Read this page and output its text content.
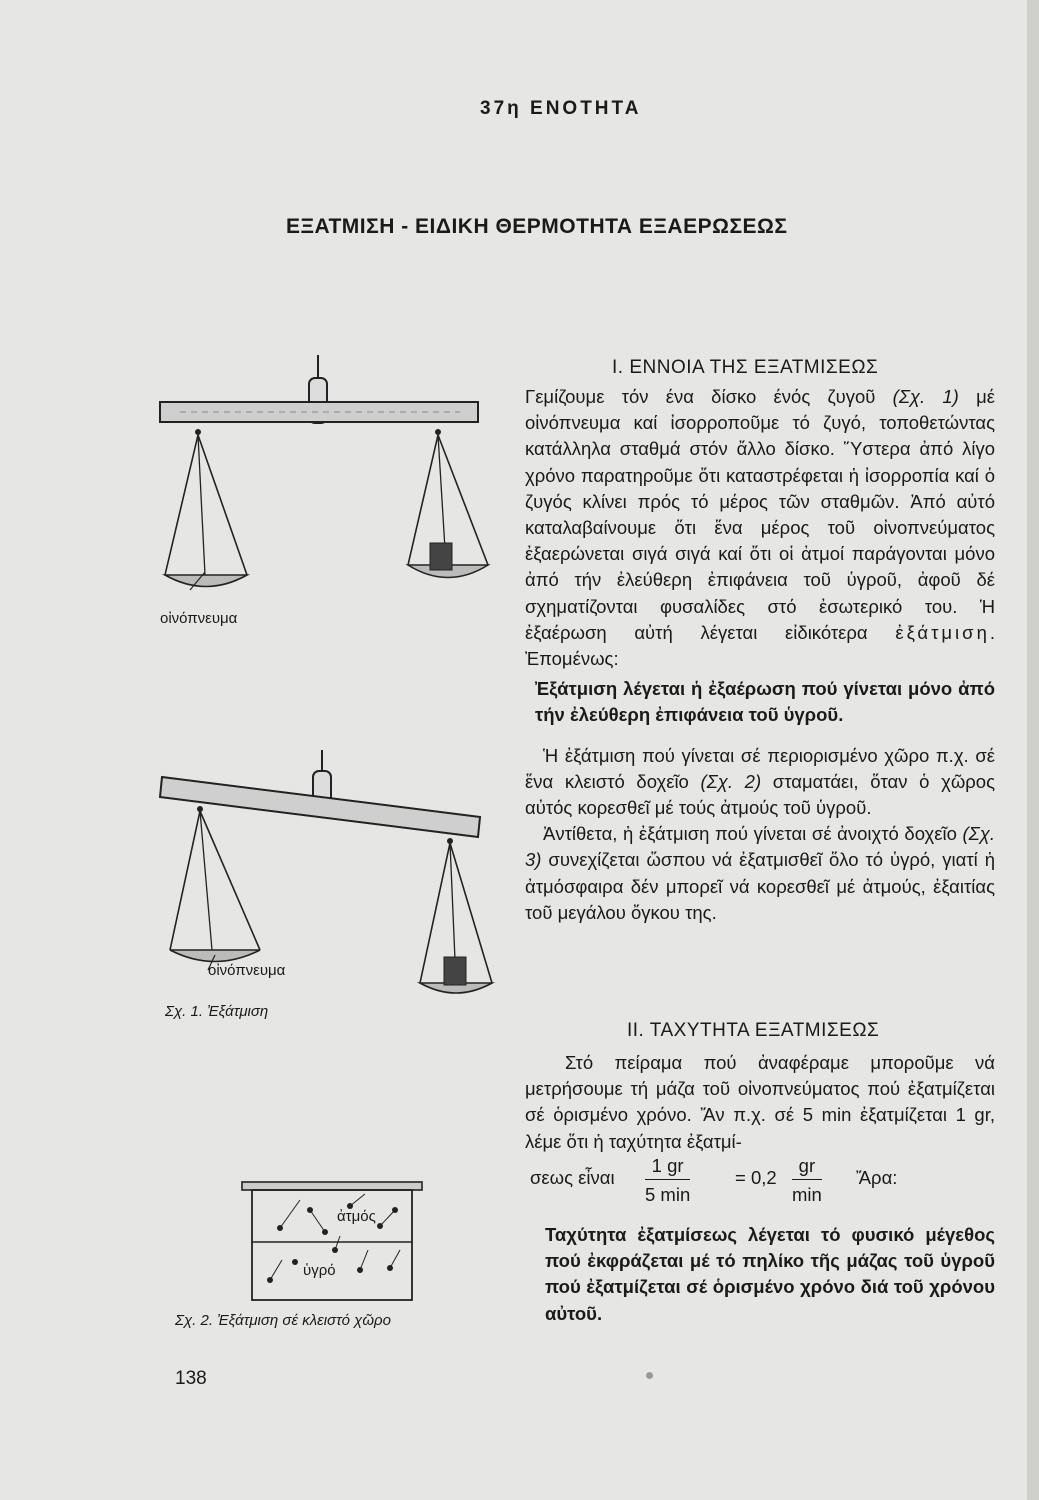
37η ΕΝΟΤΗΤΑ
ΕΞΑΤΜΙΣΗ - ΕΙΔΙΚΗ ΘΕΡΜΟΤΗΤΑ ΕΞΑΕΡΩΣΕΩΣ
οἰνόπνευμα
οἰνόπνευμα
Σχ. 1. Ἐξάτμιση
ἀτμός
ὑγρό
Σχ. 2. Ἐξάτμιση σέ κλειστό χῶρο
Ι. ΕΝΝΟΙΑ ΤΗΣ ΕΞΑΤΜΙΣΕΩΣ

Γεμίζουμε τόν ένα δίσκο ένός ζυγοῦ (Σχ. 1) μέ οἰνόπνευμα καί ἰσορροποῦμε τό ζυγό, τοποθετώντας κατάλληλα σταθμά στόν ἄλλο δίσκο. Ὕστερα ἀπό λίγο χρόνο παρατηροῦμε ὅτι καταστρέφεται ἡ ἰσορροπία καί ὁ ζυγός κλίνει πρός τό μέρος τῶν σταθμῶν. Ἀπό αὐτό καταλαβαίνουμε ὅτι ἕνα μέρος τοῦ οἰνοπνεύματος ἐξαερώνεται σιγά σιγά καί ὅτι οἱ ἀτμοί παράγονται μόνο ἀπό τήν ἐλεύθερη ἐπιφάνεια τοῦ ὑγροῦ, ἀφοῦ δέ σχηματίζονται φυσαλίδες στό ἐσωτερικό του. Ἡ ἐξαέρωση αὐτή λέγεται εἰδικότερα ἐξάτμιση. Ἐπομένως:

Ἐξάτμιση λέγεται ἡ ἐξαέρωση πού γίνεται μόνο ἀπό τήν ἐλεύθερη ἐπιφάνεια τοῦ ὑγροῦ.

Ἡ ἐξάτμιση πού γίνεται σέ περιορισμένο χῶρο π.χ. σέ ἕνα κλειστό δοχεῖο (Σχ. 2) σταματάει, ὅταν ὁ χῶρος αὐτός κορεσθεῖ μέ τούς ἀτμούς τοῦ ὑγροῦ.

Ἀντίθετα, ἡ ἐξάτμιση πού γίνεται σέ ἀνοιχτό δοχεῖο (Σχ. 3) συνεχίζεται ὥσπου νά ἐξατμισθεῖ ὅλο τό ὑγρό, γιατί ἡ ἀτμόσφαιρα δέν μπορεῖ νά κορεσθεῖ μέ ἀτμούς, ἐξαιτίας τοῦ μεγάλου ὄγκου της.

ΙΙ. ΤΑΧΥΤΗΤΑ ΕΞΑΤΜΙΣΕΩΣ
Στό πείραμα πού ἀναφέραμε μποροῦμε νά μετρήσουμε τή μάζα τοῦ οἰνοπνεύματος πού ἐξατμίζεται σέ ὁρισμένο χρόνο. Ἄν π.χ. σέ 5 min ἐξατμίζεται 1 gr, λέμε ὅτι ἡ ταχύτητα ἐξατμί-
σεως εἶναι
1 gr
5 min
= 0,2
gr
min
Ἄρα:
Ταχύτητα ἐξατμίσεως λέγεται τό φυσικό μέγεθος πού ἐκφράζεται μέ τό πηλίκο τῆς μάζας τοῦ ὑγροῦ πού ἐξατμίζεται σέ ὁρισμένο χρόνο διά τοῦ χρόνου αὐτοῦ.
138
